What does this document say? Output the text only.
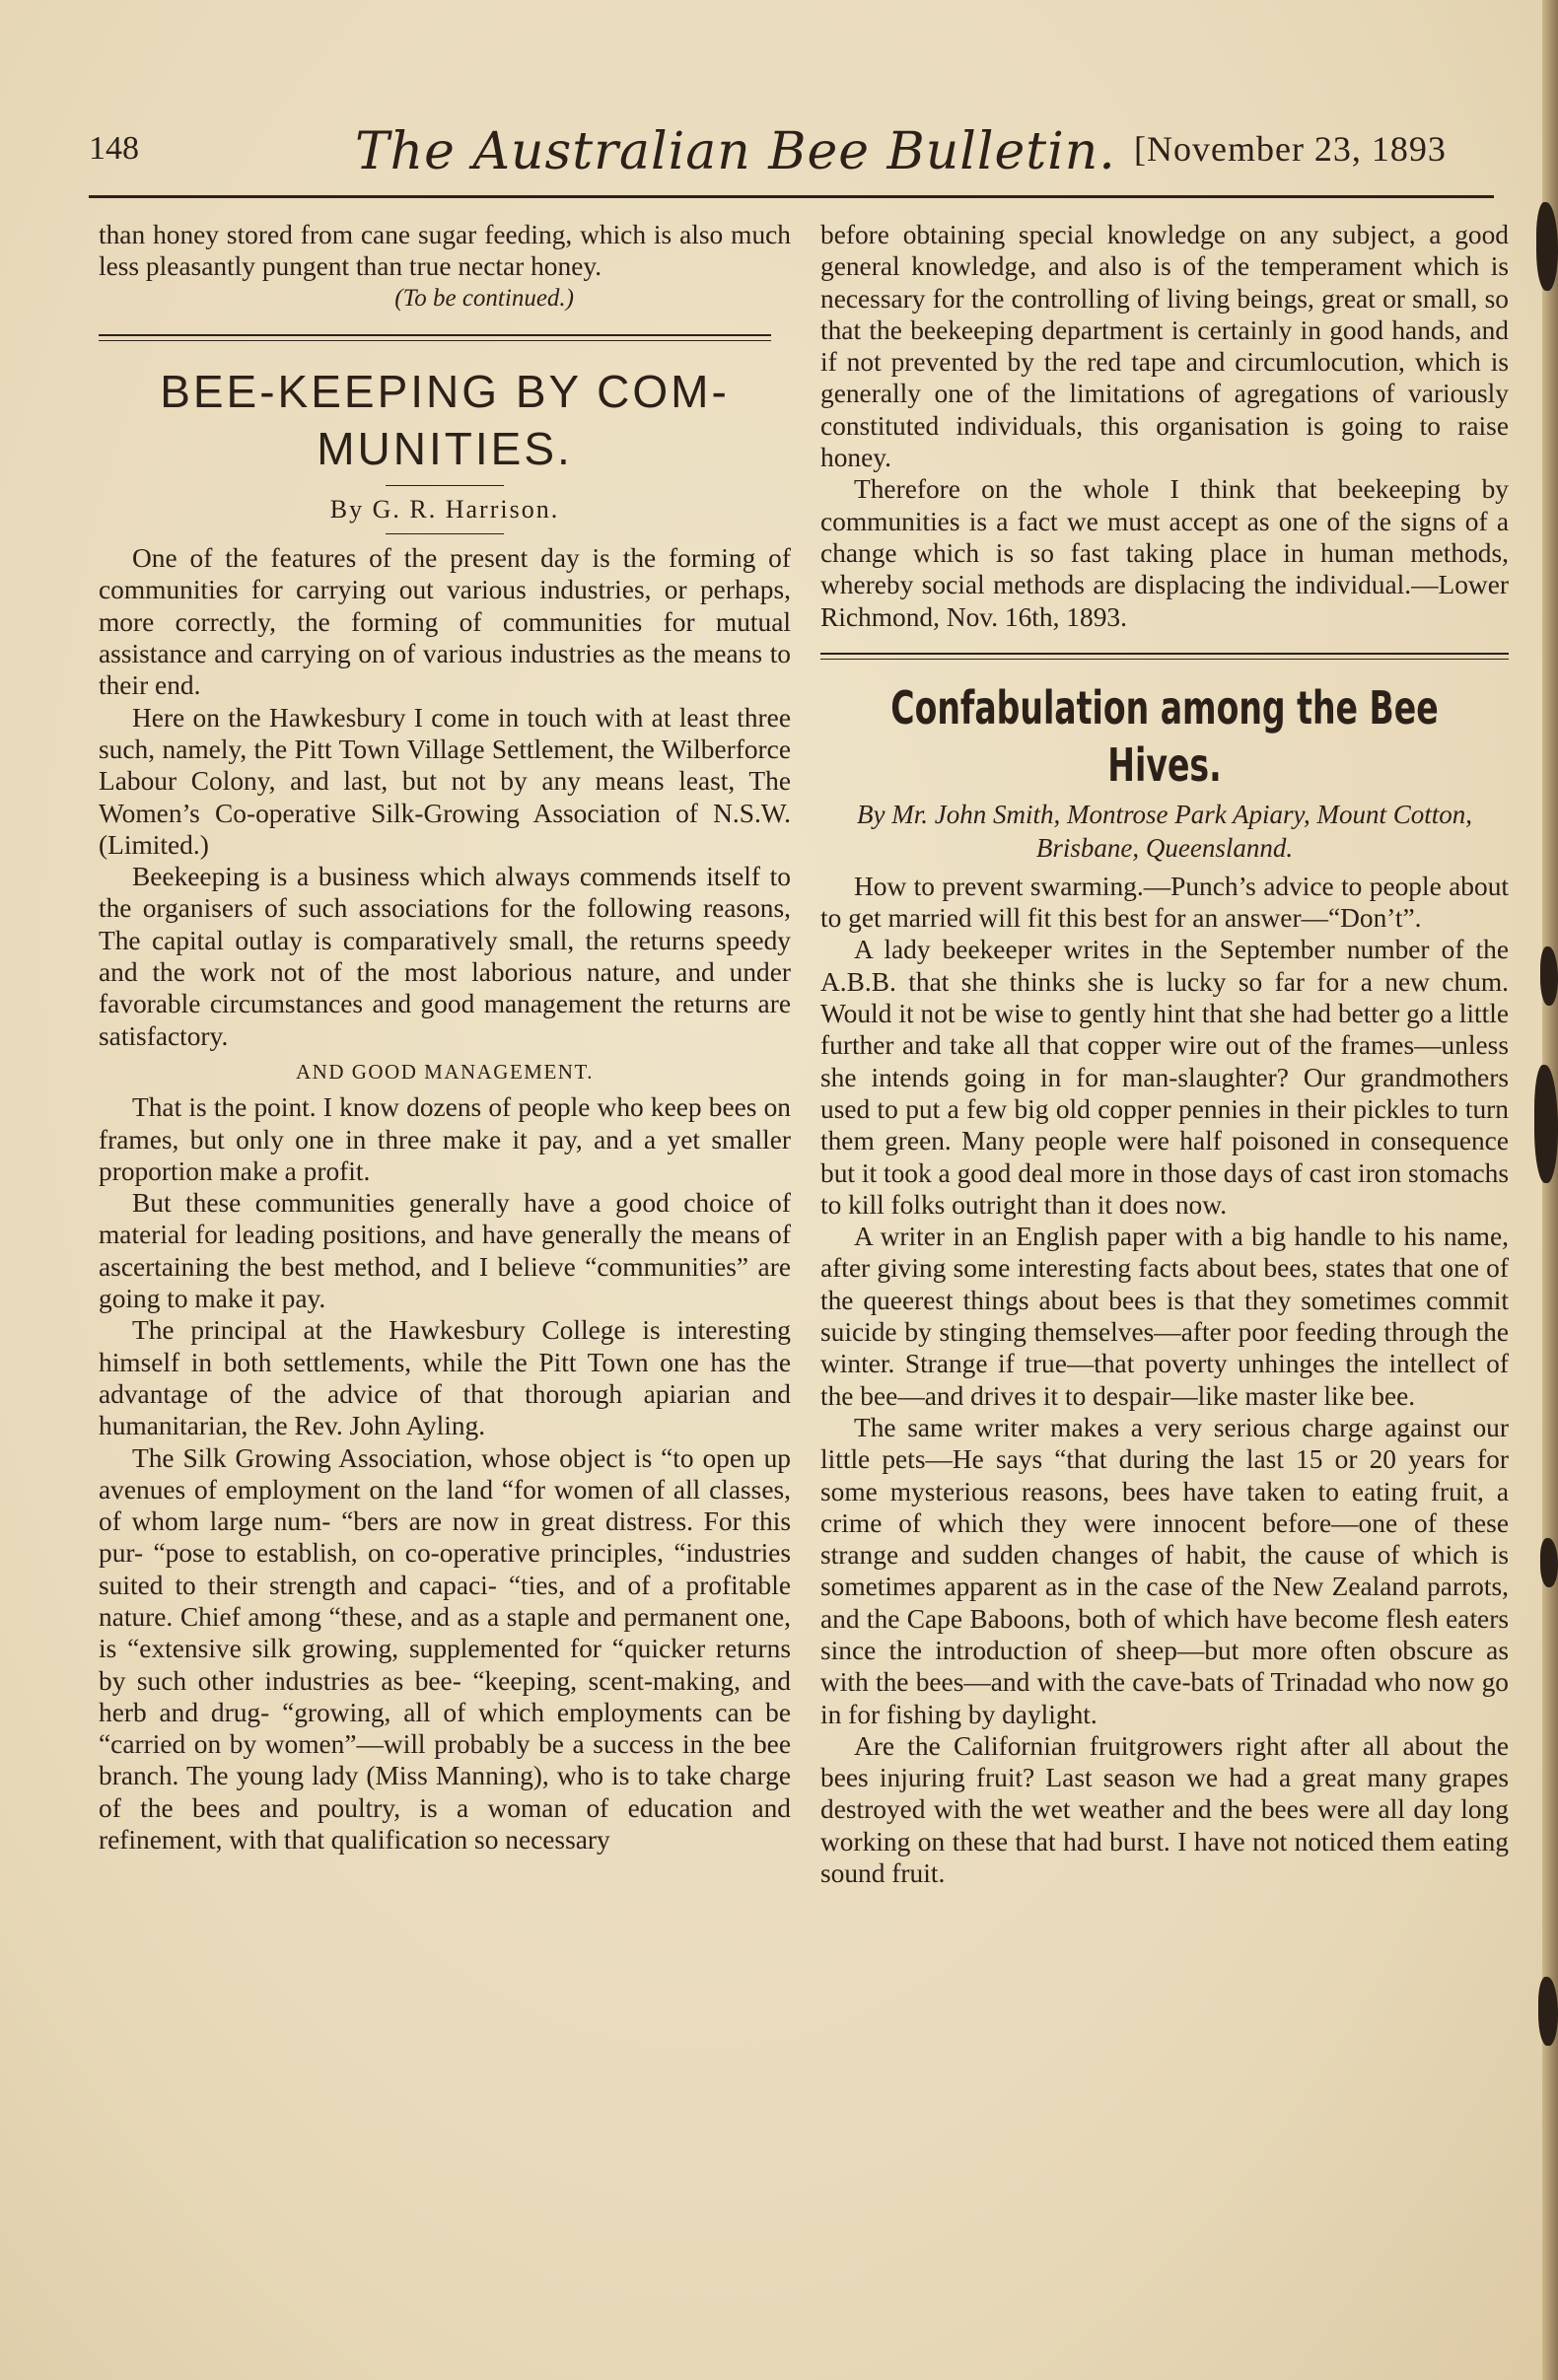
148	The Australian Bee Bulletin. [November 23, 1893

than honey stored from cane sugar feeding, which is also much less pleasantly pungent than true nectar honey.

(To be continued.)

BEE-KEEPING BY COM-
MUNITIES.
By G. R. Harrison.

One of the features of the present day is the forming of communities for carrying out various industries, or perhaps, more correctly, the forming of communities for mutual assistance and carrying on of various industries as the means to their end.

Here on the Hawkesbury I come in touch with at least three such, namely, the Pitt Town Village Settlement, the Wilberforce Labour Colony, and last, but not by any means least, The Women’s Co-operative Silk-Growing Association of N.S.W. (Limited.)

Beekeeping is a business which always commends itself to the organisers of such associations for the following reasons, The capital outlay is comparatively small, the returns speedy and the work not of the most laborious nature, and under favorable circumstances and good management the returns are satisfactory.

AND GOOD MANAGEMENT.

That is the point. I know dozens of people who keep bees on frames, but only one in three make it pay, and a yet smaller proportion make a profit.

But these communities generally have a good choice of material for leading positions, and have generally the means of ascertaining the best method, and I believe “communities” are going to make it pay.

The principal at the Hawkesbury College is interesting himself in both settlements, while the Pitt Town one has the advantage of the advice of that thorough apiarian and humanitarian, the Rev. John Ayling.

The Silk Growing Association, whose object is “to open up avenues of employment on the land “for women of all classes, of whom large num- “bers are now in great distress. For this pur- “pose to establish, on co-operative principles, “industries suited to their strength and capaci- “ties, and of a profitable nature. Chief among “these, and as a staple and permanent one, is “extensive silk growing, supplemented for “quicker returns by such other industries as bee- “keeping, scent-making, and herb and drug- “growing, all of which employments can be “carried on by women”—will probably be a success in the bee branch. The young lady (Miss Manning), who is to take charge of the bees and poultry, is a woman of education and refinement, with that qualification so necessary

before obtaining special knowledge on any subject, a good general knowledge, and also is of the temperament which is necessary for the controlling of living beings, great or small, so that the beekeeping department is certainly in good hands, and if not prevented by the red tape and circumlocution, which is generally one of the limitations of agregations of variously constituted individuals, this organisation is going to raise honey.

Therefore on the whole I think that beekeeping by communities is a fact we must accept as one of the signs of a change which is so fast taking place in human methods, whereby social methods are displacing the individual.—Lower Richmond, Nov. 16th, 1893.

Confabulation among the Bee Hives.
By Mr. John Smith, Montrose Park Apiary, Mount Cotton, Brisbane, Queenslannd.

How to prevent swarming.—Punch’s advice to people about to get married will fit this best for an answer—“Don’t”.

A lady beekeeper writes in the September number of the A.B.B. that she thinks she is lucky so far for a new chum. Would it not be wise to gently hint that she had better go a little further and take all that copper wire out of the frames—unless she intends going in for man-slaughter? Our grandmothers used to put a few big old copper pennies in their pickles to turn them green. Many people were half poisoned in consequence but it took a good deal more in those days of cast iron stomachs to kill folks outright than it does now.

A writer in an English paper with a big handle to his name, after giving some interesting facts about bees, states that one of the queerest things about bees is that they sometimes commit suicide by stinging themselves—after poor feeding through the winter. Strange if true—that poverty unhinges the intellect of the bee—and drives it to despair—like master like bee.

The same writer makes a very serious charge against our little pets—He says “that during the last 15 or 20 years for some mysterious reasons, bees have taken to eating fruit, a crime of which they were innocent before—one of these strange and sudden changes of habit, the cause of which is sometimes apparent as in the case of the New Zealand parrots, and the Cape Baboons, both of which have become flesh eaters since the introduction of sheep—but more often obscure as with the bees—and with the cave-bats of Trinadad who now go in for fishing by daylight.

Are the Californian fruitgrowers right after all about the bees injuring fruit? Last season we had a great many grapes destroyed with the wet weather and the bees were all day long working on these that had burst. I have not noticed them eating sound fruit.
